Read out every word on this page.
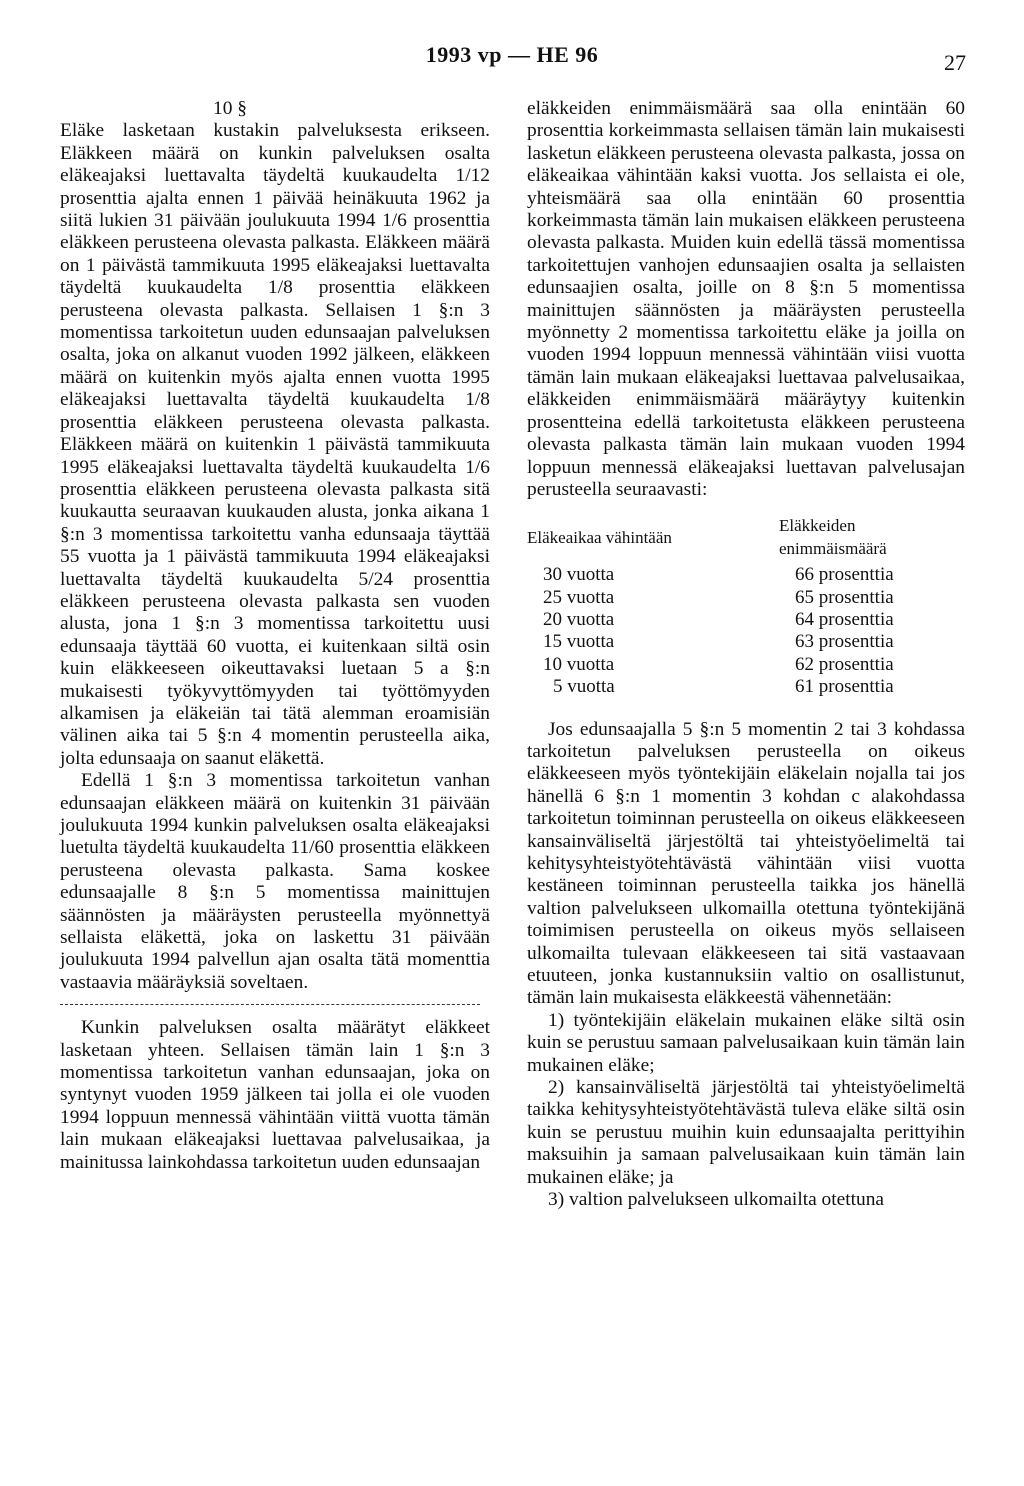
1993 vp — HE 96	27

10 §

Eläke lasketaan kustakin palveluksesta erikseen. Eläkkeen määrä on kunkin palveluksen osalta eläkeajaksi luettavalta täydeltä kuukaudelta 1/12 prosenttia ajalta ennen 1 päivää heinäkuuta 1962 ja siitä lukien 31 päivään joulukuuta 1994 1/6 prosenttia eläkkeen perusteena olevasta palkasta. Eläkkeen määrä on 1 päivästä tammikuuta 1995 eläkeajaksi luettavalta täydeltä kuukaudelta 1/8 prosenttia eläkkeen perusteena olevasta palkasta. Sellaisen 1 §:n 3 momentissa tarkoitetun uuden edunsaajan palveluksen osalta, joka on alkanut vuoden 1992 jälkeen, eläkkeen määrä on kuitenkin myös ajalta ennen vuotta 1995 eläkeajaksi luettavalta täydeltä kuukaudelta 1/8 prosenttia eläkkeen perusteena olevasta palkasta. Eläkkeen määrä on kuitenkin 1 päivästä tammikuuta 1995 eläkeajaksi luettavalta täydeltä kuukaudelta 1/6 prosenttia eläkkeen perusteena olevasta palkasta sitä kuukautta seuraavan kuukauden alusta, jonka aikana 1 §:n 3 momentissa tarkoitettu vanha edunsaaja täyttää 55 vuotta ja 1 päivästä tammikuuta 1994 eläkeajaksi luettavalta täydeltä kuukaudelta 5/24 prosenttia eläkkeen perusteena olevasta palkasta sen vuoden alusta, jona 1 §:n 3 momentissa tarkoitettu uusi edunsaaja täyttää 60 vuotta, ei kuitenkaan siltä osin kuin eläkkeeseen oikeuttavaksi luetaan 5 a §:n mukaisesti työkyvyttömyyden tai työttömyyden alkamisen ja eläkeiän tai tätä alemman eroamisiän välinen aika tai 5 §:n 4 momentin perusteella aika, jolta edunsaaja on saanut eläkettä.

Edellä 1 §:n 3 momentissa tarkoitetun vanhan edunsaajan eläkkeen määrä on kuitenkin 31 päivään joulukuuta 1994 kunkin palveluksen osalta eläkeajaksi luetulta täydeltä kuukaudelta 11/60 prosenttia eläkkeen perusteena olevasta palkasta. Sama koskee edunsaajalle 8 §:n 5 momentissa mainittujen säännösten ja määräysten perusteella myönnettyä sellaista eläkettä, joka on laskettu 31 päivään joulukuuta 1994 palvellun ajan osalta tätä momenttia vastaavia määräyksiä soveltaen.

Kunkin palveluksen osalta määrätyt eläkkeet lasketaan yhteen. Sellaisen tämän lain 1 §:n 3 momentissa tarkoitetun vanhan edunsaajan, joka on syntynyt vuoden 1959 jälkeen tai jolla ei ole vuoden 1994 loppuun mennessä vähintään viittä vuotta tämän lain mukaan eläkeajaksi luettavaa palvelusaikaa, ja mainitussa lainkohdassa tarkoitetun uuden edunsaajan

eläkkeiden enimmäismäärä saa olla enintään 60 prosenttia korkeimmasta sellaisen tämän lain mukaisesti lasketun eläkkeen perusteena olevasta palkasta, jossa on eläkeaikaa vähintään kaksi vuotta. Jos sellaista ei ole, yhteismäärä saa olla enintään 60 prosenttia korkeimmasta tämän lain mukaisen eläkkeen perusteena olevasta palkasta. Muiden kuin edellä tässä momentissa tarkoitettujen vanhojen edunsaajien osalta ja sellaisten edunsaajien osalta, joille on 8 §:n 5 momentissa mainittujen säännösten ja määräysten perusteella myönnetty 2 momentissa tarkoitettu eläke ja joilla on vuoden 1994 loppuun mennessä vähintään viisi vuotta tämän lain mukaan eläkeajaksi luettavaa palvelusaikaa, eläkkeiden enimmäismäärä määräytyy kuitenkin prosentteina edellä tarkoitetusta eläkkeen perusteena olevasta palkasta tämän lain mukaan vuoden 1994 loppuun mennessä eläkeajaksi luettavan palvelusajan perusteella seuraavasti:

Eläkeaikaa vähintään	Eläkkeiden enimmäismäärä
30 vuotta	66 prosenttia
25 vuotta	65 prosenttia
20 vuotta	64 prosenttia
15 vuotta	63 prosenttia
10 vuotta	62 prosenttia
5 vuotta	61 prosenttia

Jos edunsaajalla 5 §:n 5 momentin 2 tai 3 kohdassa tarkoitetun palveluksen perusteella on oikeus eläkkeeseen myös työntekijäin eläkelain nojalla tai jos hänellä 6 §:n 1 momentin 3 kohdan c alakohdassa tarkoitetun toiminnan perusteella on oikeus eläkkeeseen kansainväliseltä järjestöltä tai yhteistyöelimeltä tai kehitysyhteistyötehtävästä vähintään viisi vuotta kestäneen toiminnan perusteella taikka jos hänellä valtion palvelukseen ulkomailla otettuna työntekijänä toimimisen perusteella on oikeus myös sellaiseen ulkomailta tulevaan eläkkeeseen tai sitä vastaavaan etuuteen, jonka kustannuksiin valtio on osallistunut, tämän lain mukaisesta eläkkeestä vähennetään:

1) työntekijäin eläkelain mukainen eläke siltä osin kuin se perustuu samaan palvelusaikaan kuin tämän lain mukainen eläke;

2) kansainväliseltä järjestöltä tai yhteistyöelimeltä taikka kehitysyhteistyötehtävästä tuleva eläke siltä osin kuin se perustuu muihin kuin edunsaajalta perittyihin maksuihin ja samaan palvelusaikaan kuin tämän lain mukainen eläke; ja

3) valtion palvelukseen ulkomailta otettuna
